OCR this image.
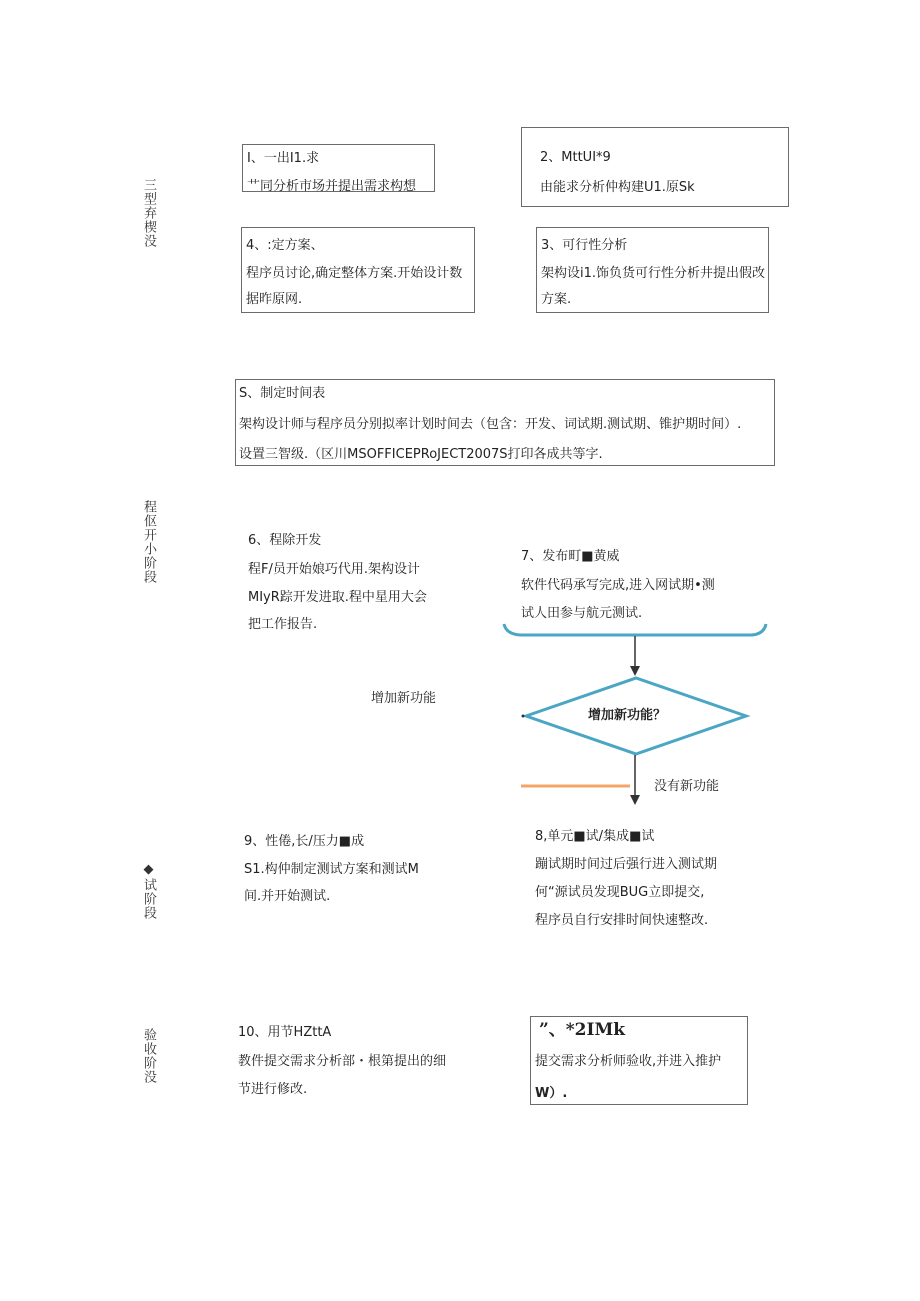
三型弃楔没
程伛开小阶段
◆试阶段
验收阶没
I、一出I1.求
艹同分析市场并提出需求构想
2、MttUI*9
由能求分析仲构建U1.原Sk
4、:定方案、
程序员讨论,确定整体方案.开始设计数
据昨原网.
3、可行性分析
架构设i1.饰负货可行性分析井提出假改
方案.
S、制定时间表
架构设计师与程序员分别拟率计划时间去（包含：开发、词试期.测试期、锥护期时间）.
设置三智级.（区川MSOFFICEPRoJECT2007S打印各成共等字.
6、程除开发
程F/员开始娘巧代用.架构设计
MIyR踪开发进取.程中星用大会
把工作报告.
7、发布町■黄威
软件代码承写完成,进入网试期•测
试人田参与航元测试.
增加新功能
增加新功能？
没有新功能
9、性倦,长/压力■成
S1.构仲制定测试方案和测试M
间.并开始测试.
8,单元■试/集成■试
蹦试期时间过后强行进入测试期
何“源试员发现BUG立即提交,
程序员自行安排时间快速整改.
10、用节HZttA
教件提交需求分析部・根第提出的细
节进行修改.
”、*2IMk
提交需求分析师验收,并进入推护
W）.
